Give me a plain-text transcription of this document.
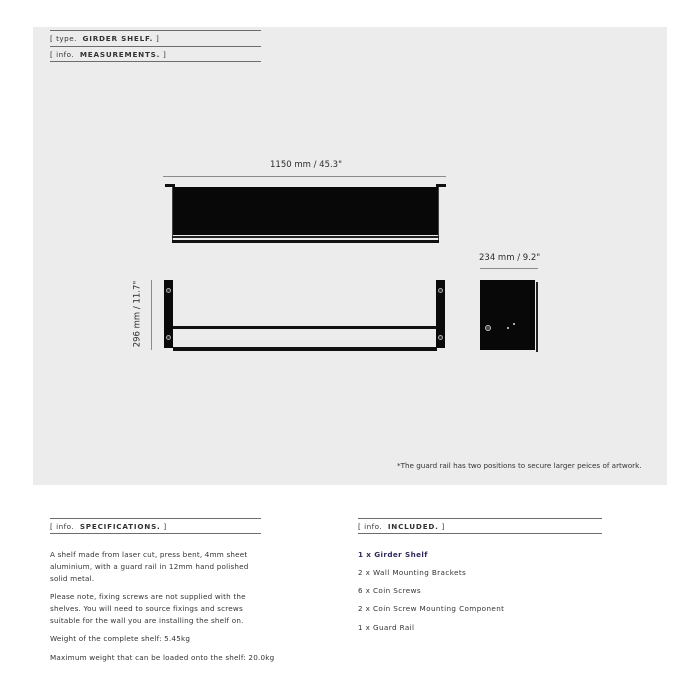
[ type. GIRDER SHELF. ]
[ info. MEASUREMENTS. ]
1150 mm / 45.3"
296 mm / 11.7"
234 mm / 9.2"
*The guard rail has two positions to secure larger peices of artwork.
[ info. SPECIFICATIONS. ]

A shelf made from laser cut, press bent, 4mm sheet aluminium, with a guard rail in 12mm hand polished solid metal.

Please note, fixing screws are not supplied with the shelves. You will need to source fixings and screws suitable for the wall you are installing the shelf on.

Weight of the complete shelf: 5.45kg

Maximum weight that can be loaded onto the shelf: 20.0kg

[ info. INCLUDED. ]
1 x Girder Shelf
2 x Wall Mounting Brackets
6 x Coin Screws
2 x Coin Screw Mounting Component
1 x Guard Rail
